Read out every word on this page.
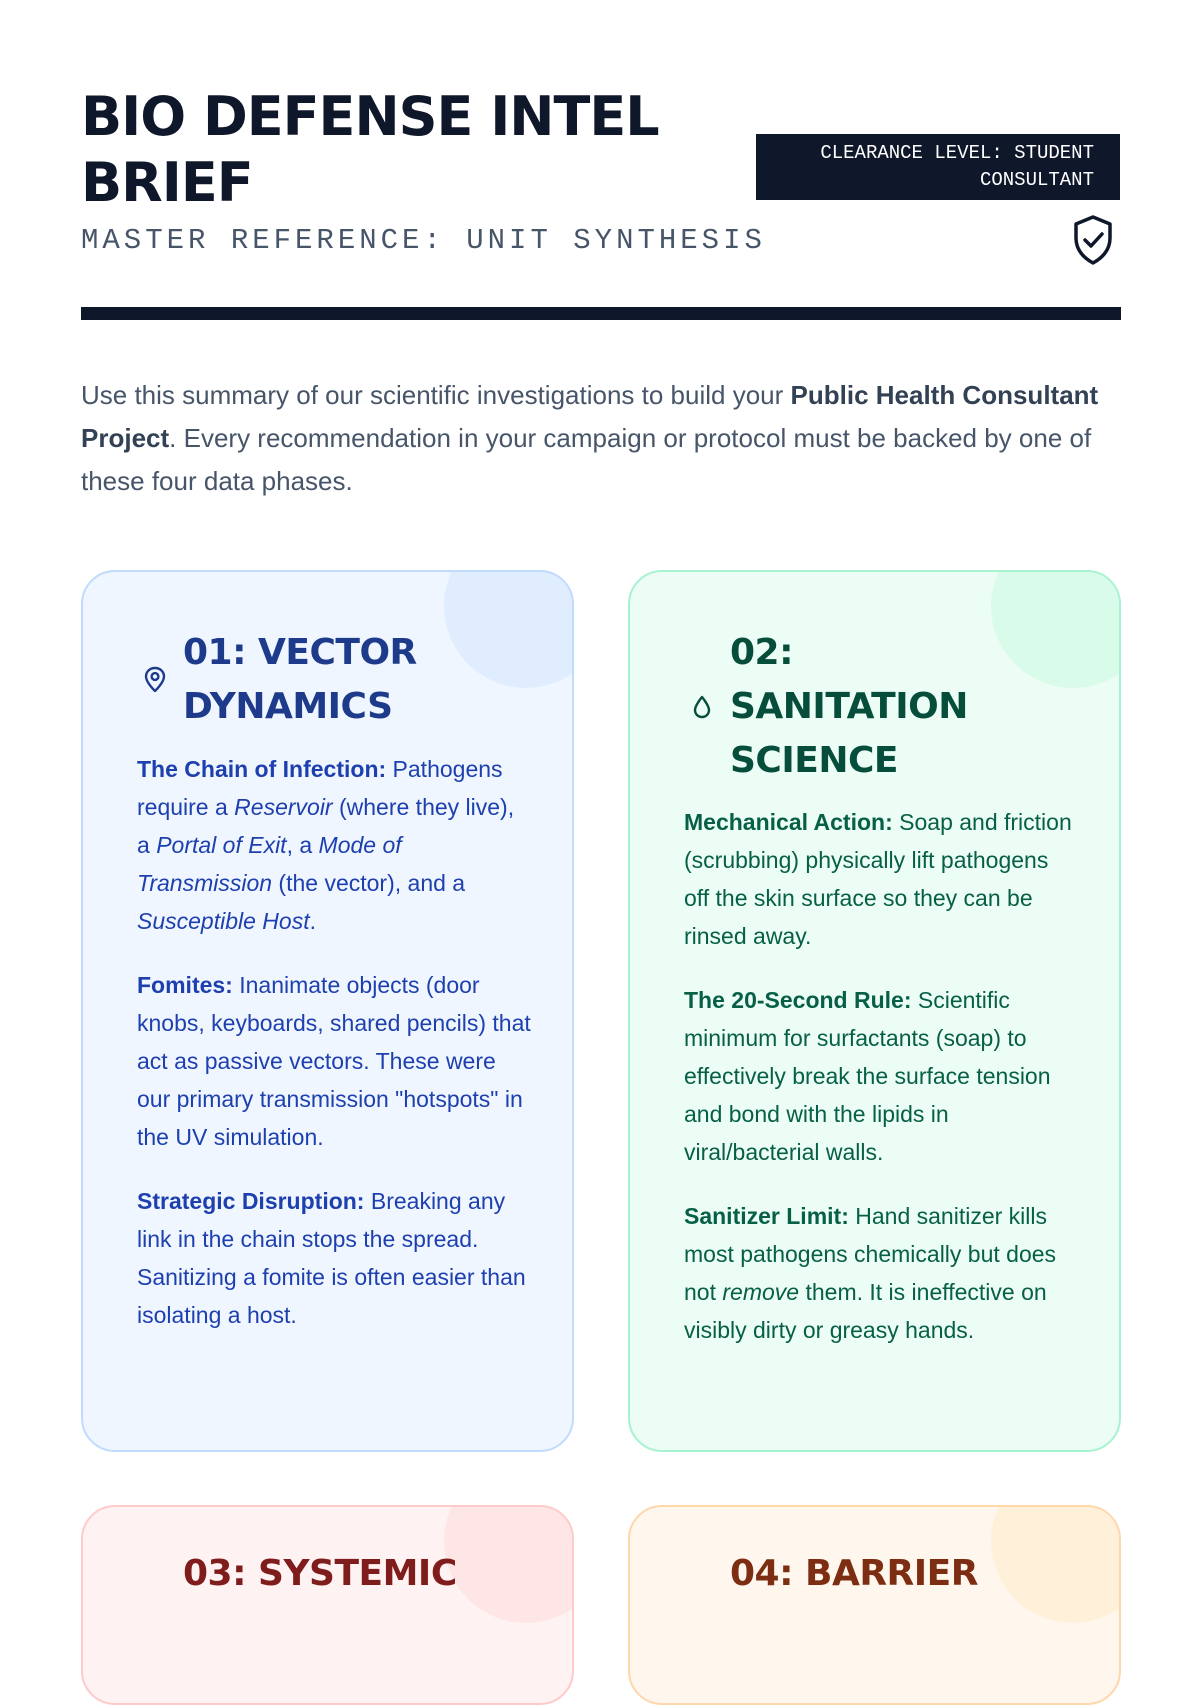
BIO DEFENSE INTEL BRIEF
MASTER REFERENCE: UNIT SYNTHESIS
CLEARANCE LEVEL: STUDENT CONSULTANT

Use this summary of our scientific investigations to build your Public Health Consultant Project. Every recommendation in your campaign or protocol must be backed by one of these four data phases.

01: VECTOR DYNAMICS

The Chain of Infection: Pathogens require a Reservoir (where they live), a Portal of Exit, a Mode of Transmission (the vector), and a Susceptible Host.

Fomites: Inanimate objects (door knobs, keyboards, shared pencils) that act as passive vectors. These were our primary transmission "hotspots" in the UV simulation.

Strategic Disruption: Breaking any link in the chain stops the spread. Sanitizing a fomite is often easier than isolating a host.

02: SANITATION SCIENCE

Mechanical Action: Soap and friction (scrubbing) physically lift pathogens off the skin surface so they can be rinsed away.

The 20-Second Rule: Scientific minimum for surfactants (soap) to effectively break the surface tension and bond with the lipids in viral/bacterial walls.

Sanitizer Limit: Hand sanitizer kills most pathogens chemically but does not remove them. It is ineffective on visibly dirty or greasy hands.

03: SYSTEMIC	04: BARRIER
